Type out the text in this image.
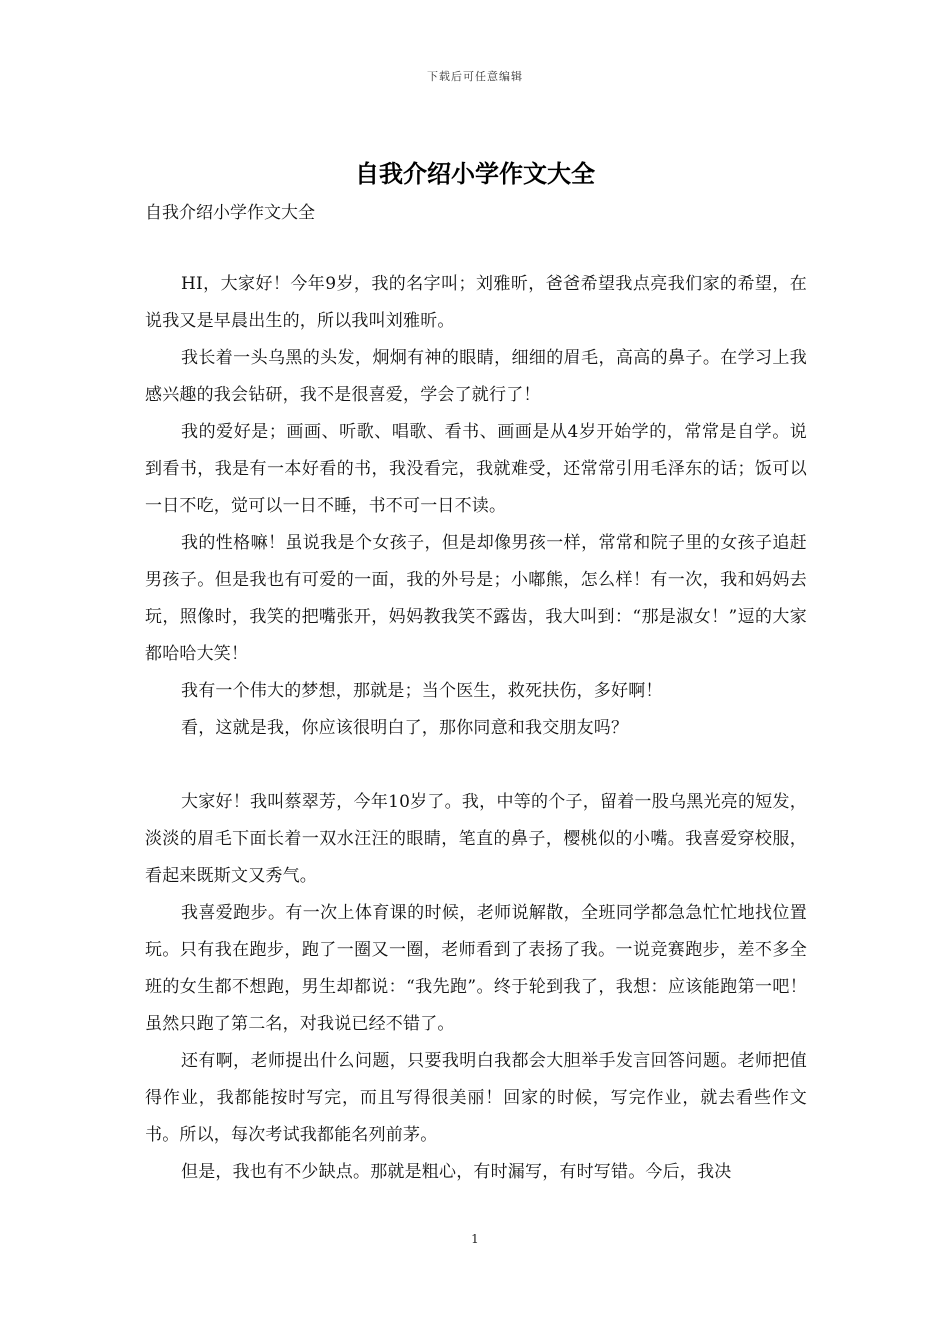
下载后可任意编辑
自我介绍小学作文大全

自我介绍小学作文大全

HI，大家好！今年9岁，我的名字叫；刘雅昕，爸爸希望我点亮我们家的希望，在说我又是早晨出生的，所以我叫刘雅昕。

我长着一头乌黑的头发，炯炯有神的眼睛，细细的眉毛，高高的鼻子。在学习上我感兴趣的我会钻研，我不是很喜爱，学会了就行了！

我的爱好是；画画、听歌、唱歌、看书、画画是从4岁开始学的，常常是自学。说到看书，我是有一本好看的书，我没看完，我就难受，还常常引用毛泽东的话；饭可以一日不吃，觉可以一日不睡，书不可一日不读。

我的性格嘛！虽说我是个女孩子，但是却像男孩一样，常常和院子里的女孩子追赶男孩子。但是我也有可爱的一面，我的外号是；小嘟熊，怎么样！有一次，我和妈妈去玩，照像时，我笑的把嘴张开，妈妈教我笑不露齿，我大叫到：“那是淑女！”逗的大家都哈哈大笑！

我有一个伟大的梦想，那就是；当个医生，救死扶伤，多好啊！

看，这就是我，你应该很明白了，那你同意和我交朋友吗？

大家好！我叫蔡翠芳，今年10岁了。我，中等的个子，留着一股乌黑光亮的短发，淡淡的眉毛下面长着一双水汪汪的眼睛，笔直的鼻子，樱桃似的小嘴。我喜爱穿校服，看起来既斯文又秀气。

我喜爱跑步。有一次上体育课的时候，老师说解散，全班同学都急急忙忙地找位置玩。只有我在跑步，跑了一圈又一圈，老师看到了表扬了我。一说竞赛跑步，差不多全班的女生都不想跑，男生却都说：“我先跑”。终于轮到我了，我想：应该能跑第一吧！虽然只跑了第二名，对我说已经不错了。

还有啊，老师提出什么问题，只要我明白我都会大胆举手发言回答问题。老师把值得作业，我都能按时写完，而且写得很美丽！回家的时候，写完作业，就去看些作文书。所以，每次考试我都能名列前茅。

但是，我也有不少缺点。那就是粗心，有时漏写，有时写错。今后，我决

1
